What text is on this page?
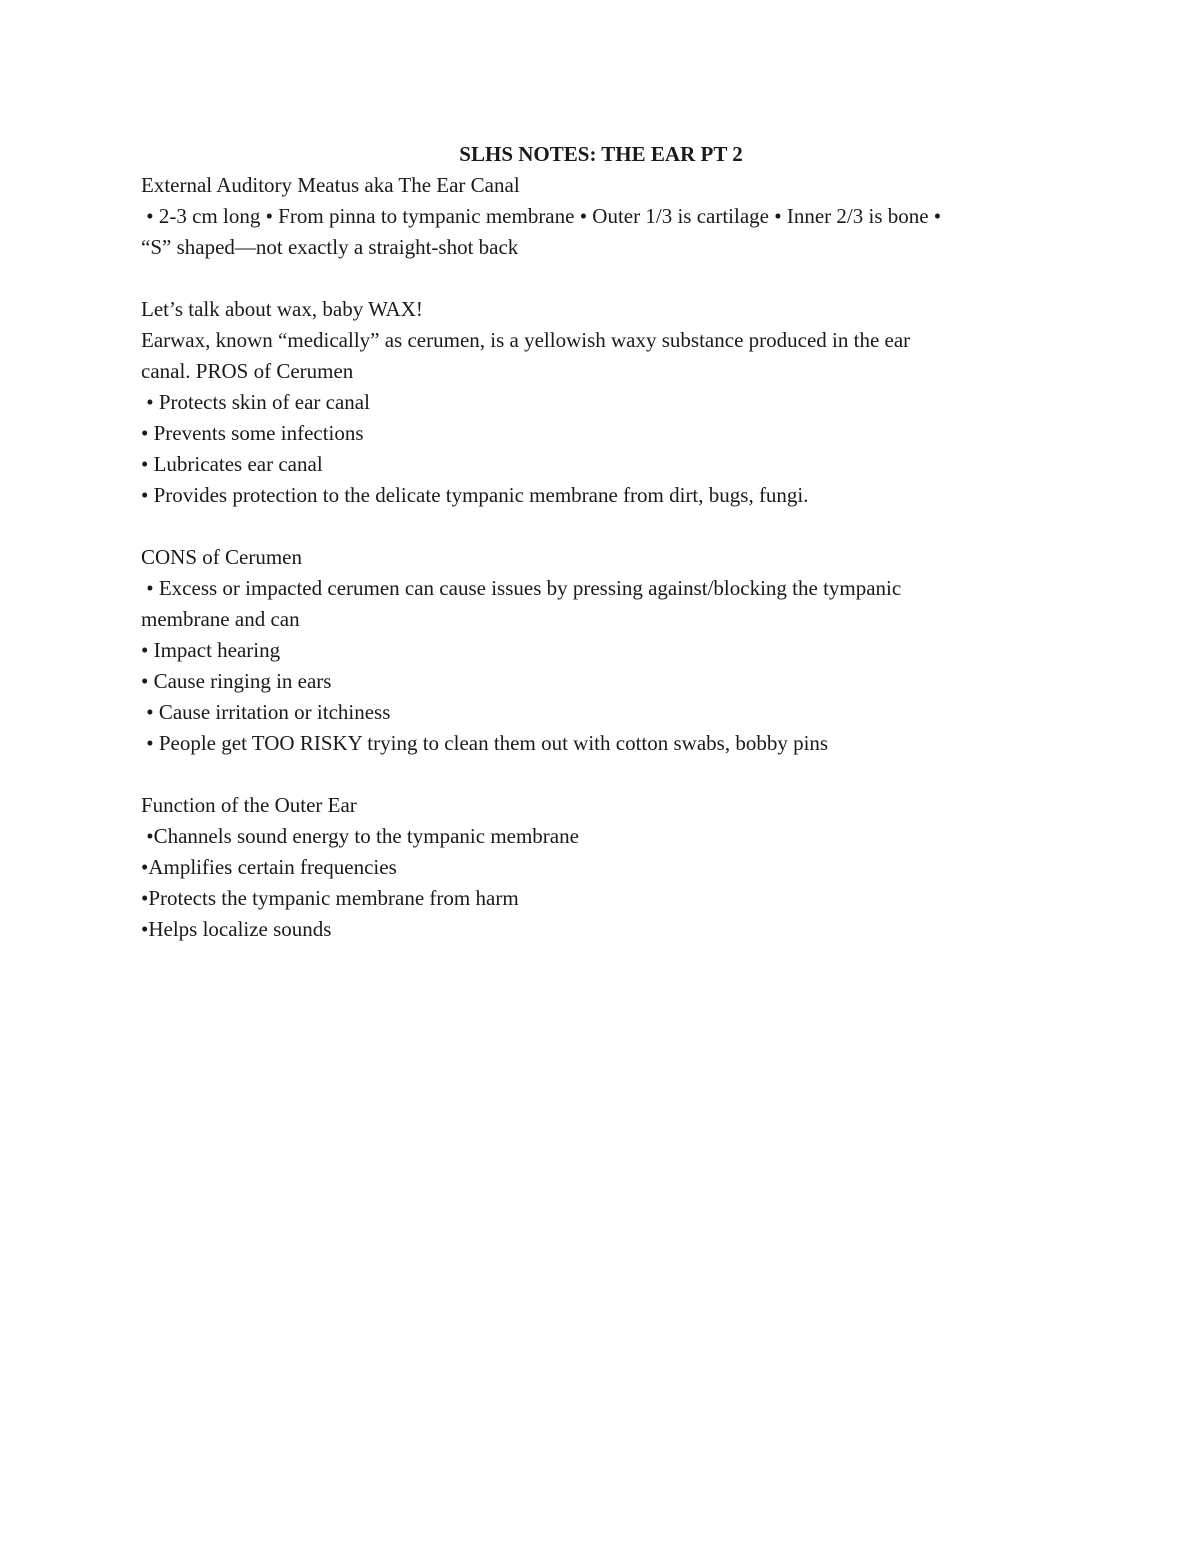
SLHS NOTES: THE EAR PT 2

External Auditory Meatus aka The Ear Canal

• 2-3 cm long • From pinna to tympanic membrane • Outer 1/3 is cartilage • Inner 2/3 is bone •

“S” shaped—not exactly a straight-shot back

Let’s talk about wax, baby WAX!

Earwax, known “medically” as cerumen, is a yellowish waxy substance produced in the ear

canal. PROS of Cerumen

• Protects skin of ear canal

• Prevents some infections

• Lubricates ear canal

• Provides protection to the delicate tympanic membrane from dirt, bugs, fungi.

CONS of Cerumen

• Excess or impacted cerumen can cause issues by pressing against/blocking the tympanic

membrane and can

• Impact hearing

• Cause ringing in ears

• Cause irritation or itchiness

• People get TOO RISKY trying to clean them out with cotton swabs, bobby pins

Function of the Outer Ear

•Channels sound energy to the tympanic membrane

•Amplifies certain frequencies

•Protects the tympanic membrane from harm

•Helps localize sounds
